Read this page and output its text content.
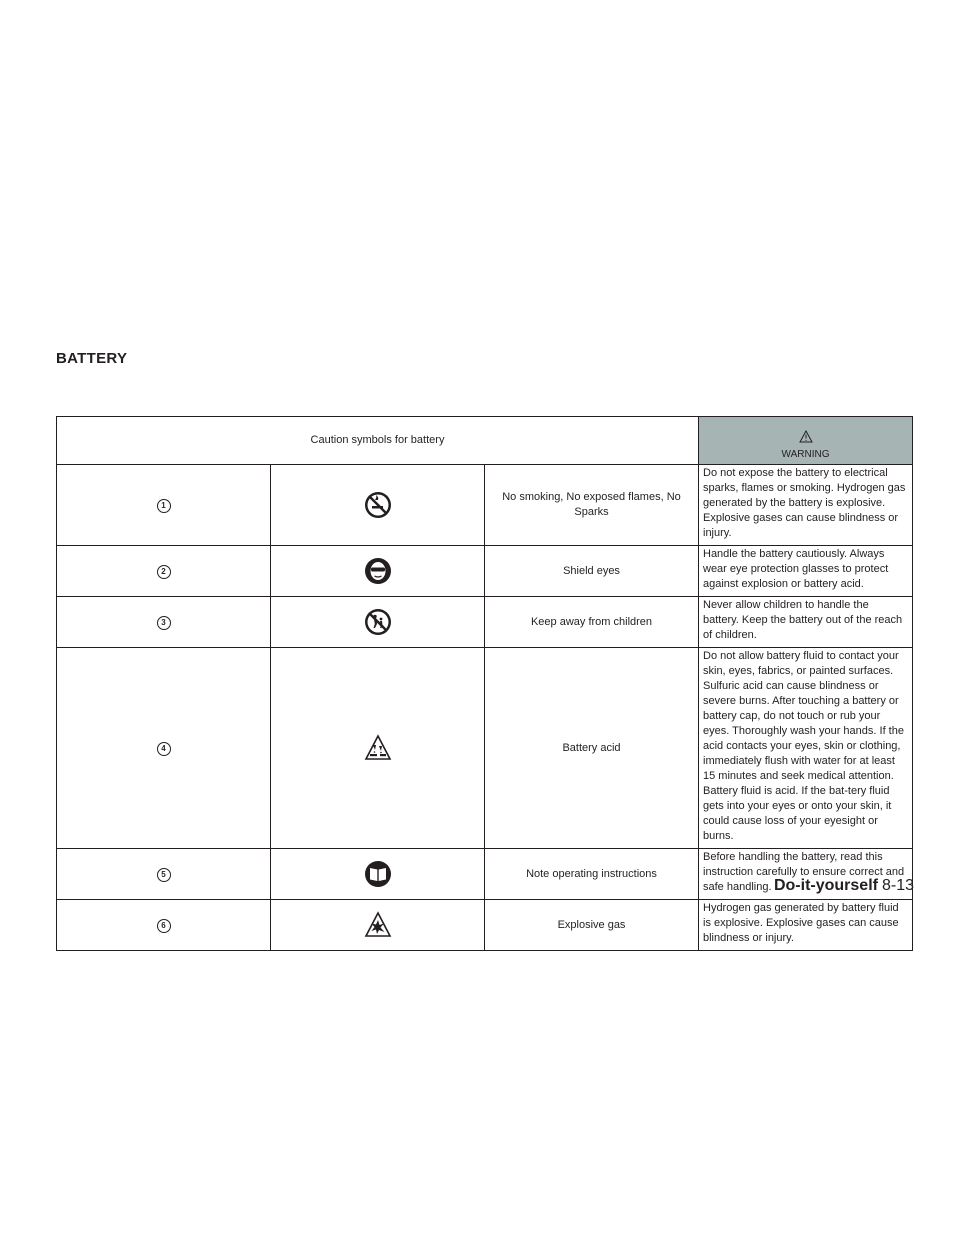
BATTERY
Caution symbols for battery			WARNING
1		No smoking, No exposed flames, No Sparks	Do not expose the battery to electrical sparks, flames or smoking. Hydrogen gas generated by the battery is explosive. Explosive gases can cause blindness or injury.
2		Shield eyes	Handle the battery cautiously. Always wear eye protection glasses to protect against explosion or battery acid.
3		Keep away from children	Never allow children to handle the battery. Keep the battery out of the reach of children.
4		Battery acid	Do not allow battery fluid to contact your skin, eyes, fabrics, or painted surfaces. Sulfuric acid can cause blindness or severe burns. After touching a battery or battery cap, do not touch or rub your eyes. Thoroughly wash your hands. If the acid contacts your eyes, skin or clothing, immediately flush with water for at least 15 minutes and seek medical attention. Battery fluid is acid. If the bat-tery fluid gets into your eyes or onto your skin, it could cause loss of your eyesight or burns.
5		Note operating instructions	Before handling the battery, read this instruction carefully to ensure correct and safe handling.
6		Explosive gas	Hydrogen gas generated by battery fluid is explosive. Explosive gases can cause blindness or injury.
Do-it-yourself 8-13
